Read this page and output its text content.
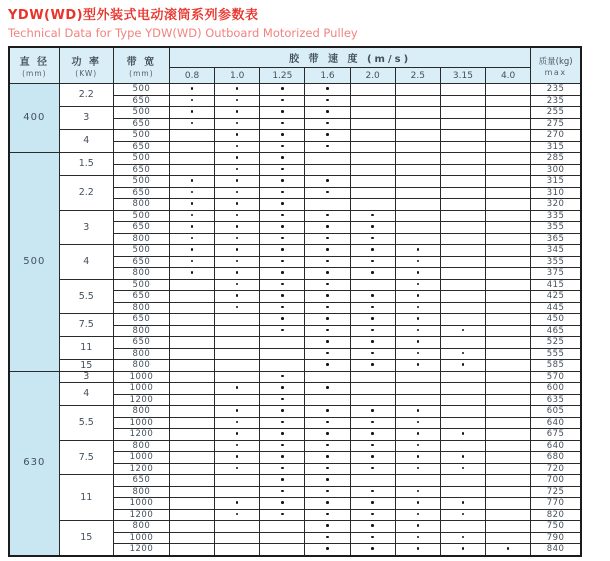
YDW(WD)型外装式电动滚筒系列参数表
Technical Data for Type YDW(WD) Outboard Motorized Pulley
直 径
(mm)	功 率
(KW)	带 宽
(mm)	胶 带 速 度 (m/s)								质量(kg)
max

			0.8	1.0	1.25	1.6	2.0	2.5	3.15	4.0	
400	2.2	500									235
		650									235
	3	500									255
		650									275
	4	500									270
		650									315
500	1.5	500									285
		650									300
	2.2	500									315
		650									310
		800									320
	3	500									335
		650									355
		800									365
	4	500									345
		650									355
		800									375
	5.5	500									415
		650									425
		800									445
	7.5	650									450
		800									465
	11	650									525
		800									555
	15	800									585
630	3	1000									570
	4	1000									600
		1200									635
	5.5	800									605
		1000									640
		1200									675
	7.5	800									640
		1000									680
		1200									720
	11	650									700
		800									725
		1000									770
		1200									820
	15	800									750
		1000									790
		1200									840
